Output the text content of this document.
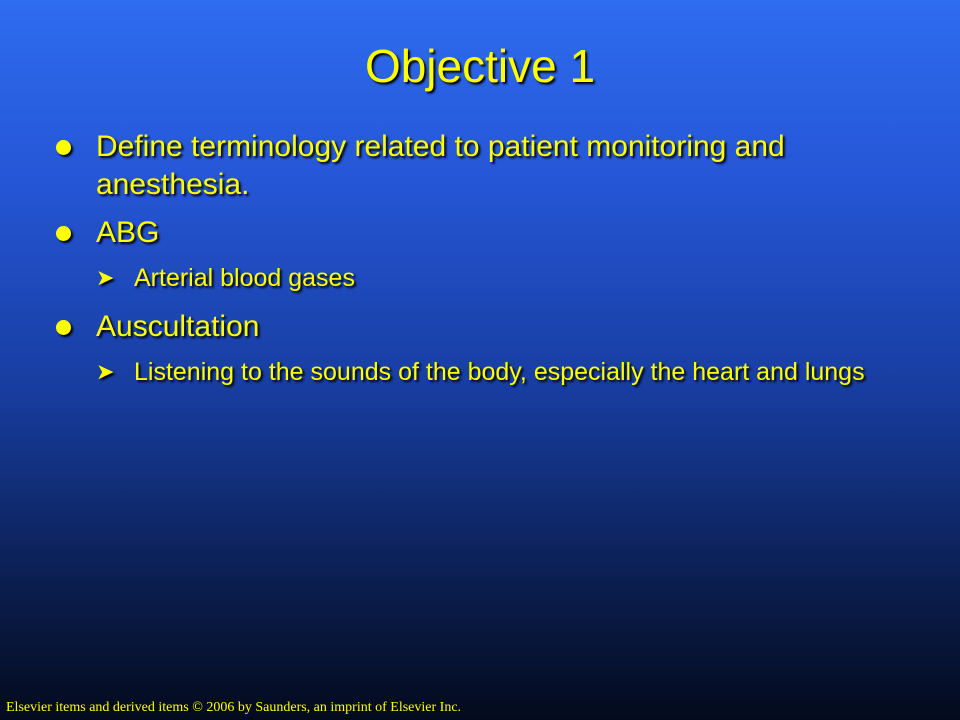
Objective 1
Define terminology related to patient monitoring and anesthesia.
ABG
➤ Arterial blood gases
Auscultation
➤ Listening to the sounds of the body, especially the heart and lungs
Elsevier items and derived items © 2006 by Saunders, an imprint of Elsevier Inc.
